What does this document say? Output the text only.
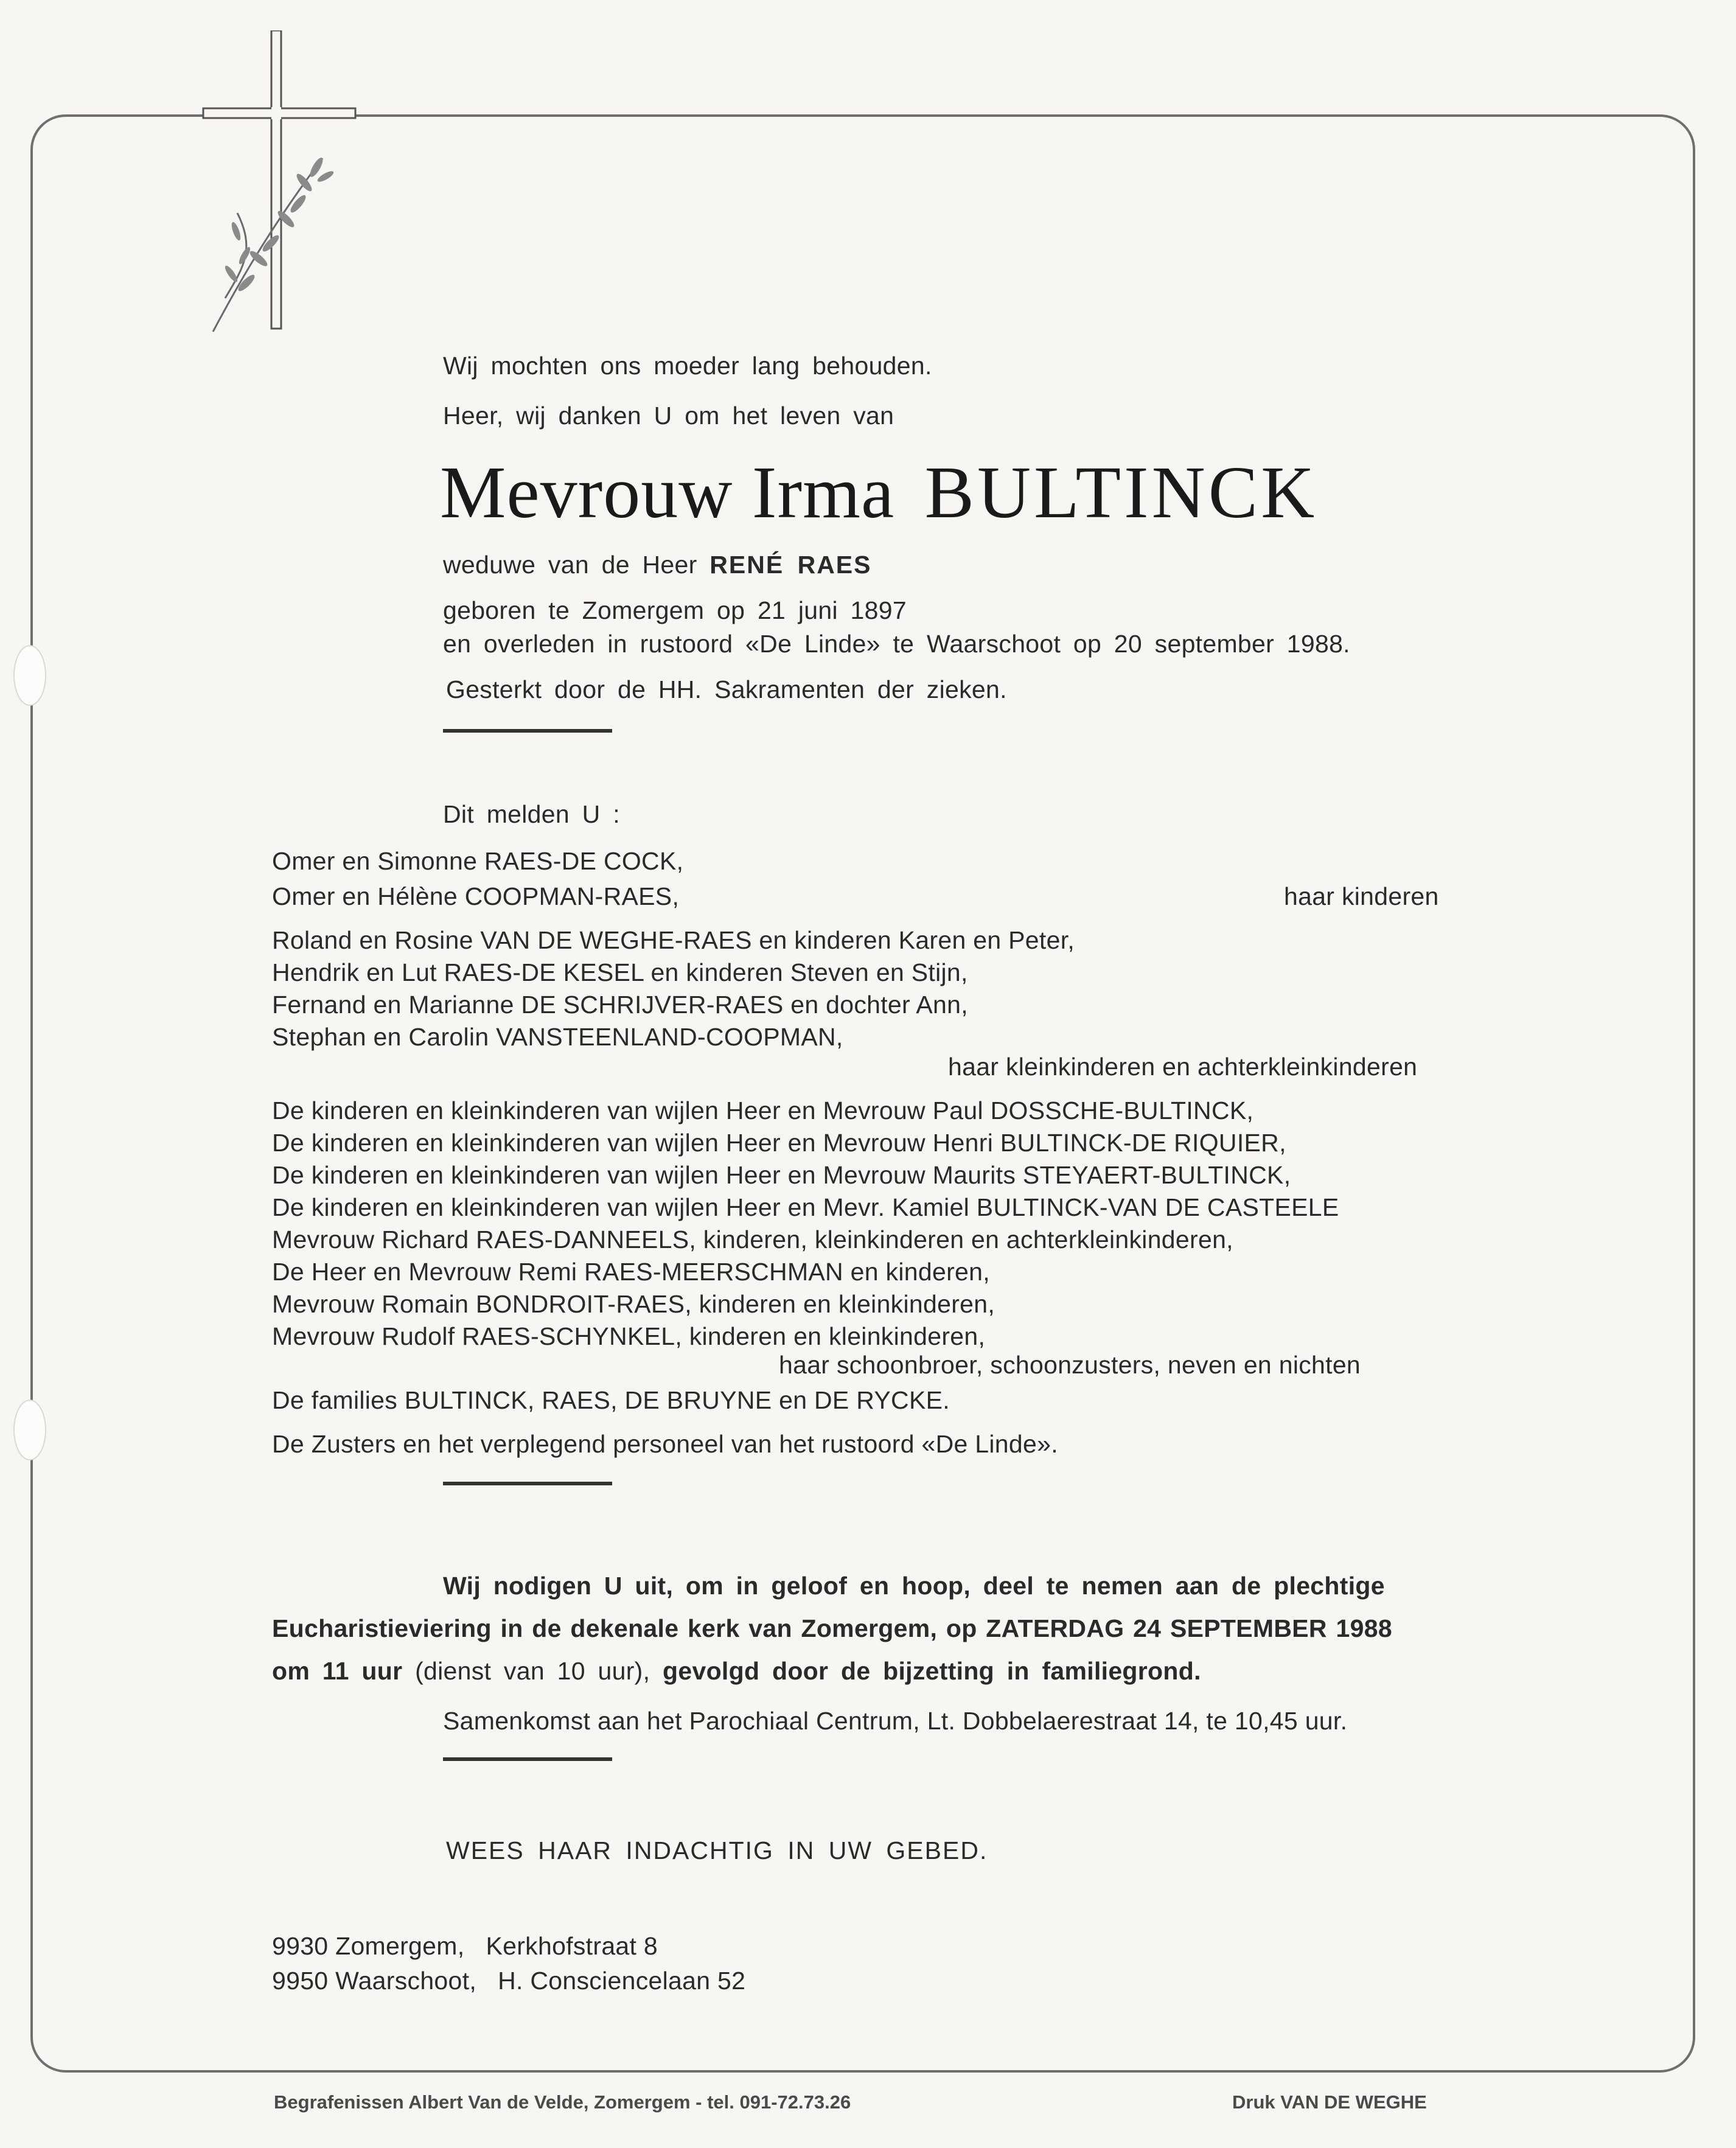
Wij mochten ons moeder lang behouden.
Heer, wij danken U om het leven van
Mevrouw Irma BULTINCK
weduwe van de Heer RENÉ RAES
geboren te Zomergem op 21 juni 1897
en overleden in rustoord «De Linde» te Waarschoot op 20 september 1988.
Gesterkt door de HH. Sakramenten der zieken.
Dit melden U :
Omer en Simonne RAES-DE COCK,
Omer en Hélène COOPMAN-RAES,	haar kinderen
Roland en Rosine VAN DE WEGHE-RAES en kinderen Karen en Peter,
Hendrik en Lut RAES-DE KESEL en kinderen Steven en Stijn,
Fernand en Marianne DE SCHRIJVER-RAES en dochter Ann,
Stephan en Carolin VANSTEENLAND-COOPMAN,
haar kleinkinderen en achterkleinkinderen
De kinderen en kleinkinderen van wijlen Heer en Mevrouw Paul DOSSCHE-BULTINCK,
De kinderen en kleinkinderen van wijlen Heer en Mevrouw Henri BULTINCK-DE RIQUIER,
De kinderen en kleinkinderen van wijlen Heer en Mevrouw Maurits STEYAERT-BULTINCK,
De kinderen en kleinkinderen van wijlen Heer en Mevr. Kamiel BULTINCK-VAN DE CASTEELE
Mevrouw Richard RAES-DANNEELS, kinderen, kleinkinderen en achterkleinkinderen,
De Heer en Mevrouw Remi RAES-MEERSCHMAN en kinderen,
Mevrouw Romain BONDROIT-RAES, kinderen en kleinkinderen,
Mevrouw Rudolf RAES-SCHYNKEL, kinderen en kleinkinderen,
haar schoonbroer, schoonzusters, neven en nichten
De families BULTINCK, RAES, DE BRUYNE en DE RYCKE.
De Zusters en het verplegend personeel van het rustoord «De Linde».
Wij nodigen U uit, om in geloof en hoop, deel te nemen aan de plechtige
Eucharistieviering in de dekenale kerk van Zomergem, op ZATERDAG 24 SEPTEMBER 1988
om 11 uur (dienst van 10 uur), gevolgd door de bijzetting in familiegrond.
Samenkomst aan het Parochiaal Centrum, Lt. Dobbelaerestraat 14, te 10,45 uur.
WEES HAAR INDACHTIG IN UW GEBED.
9930 Zomergem,   Kerkhofstraat 8
9950 Waarschoot,   H. Consciencelaan 52
Begrafenissen Albert Van de Velde, Zomergem - tel. 091-72.73.26	Druk VAN DE WEGHE
